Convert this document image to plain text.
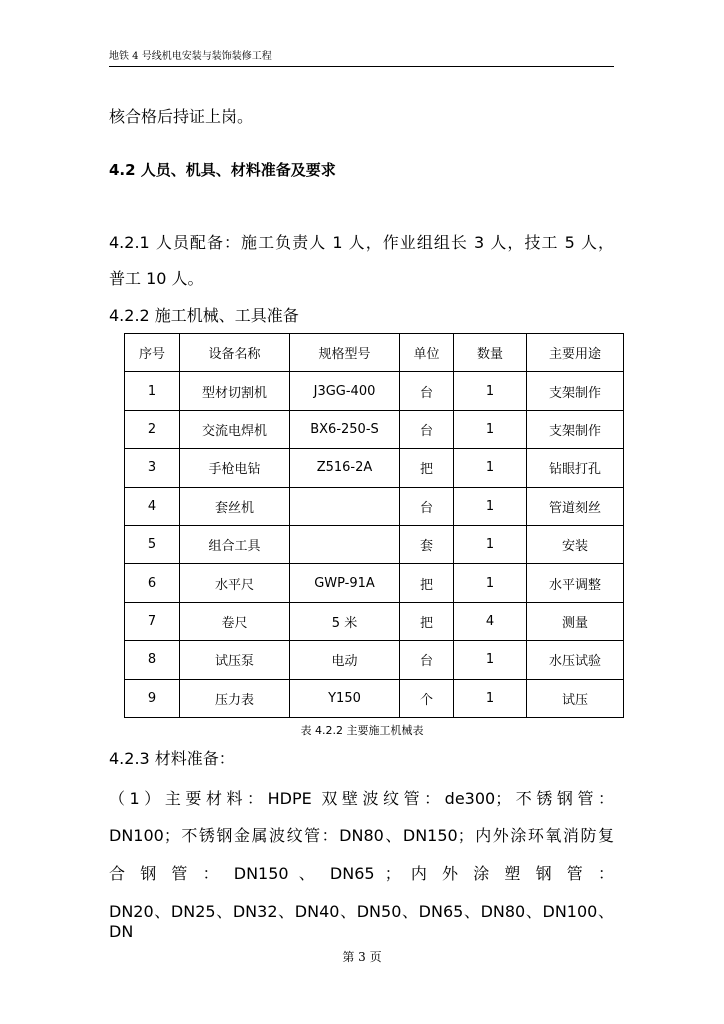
地铁 4 号线机电安装与装饰装修工程
核合格后持证上岗。
4.2 人员、机具、材料准备及要求
4.2.1 人员配备：施工负责人 1 人，作业组组长 3 人，技工 5 人，
普工 10 人。
4.2.2 施工机械、工具准备
序号	设备名称	规格型号	单位	数量	主要用途
1	型材切割机	J3GG-400	台	1	支架制作
2	交流电焊机	BX6-250-S	台	1	支架制作
3	手枪电钻	Z516-2A	把	1	钻眼打孔
4	套丝机		台	1	管道刻丝
5	组合工具		套	1	安装
6	水平尺	GWP-91A	把	1	水平调整
7	卷尺	5 米	把	4	测量
8	试压泵	电动	台	1	水压试验
9	压力表	Y150	个	1	试压
表 4.2.2 主要施工机械表
4.2.3 材料准备：
（1）主要材料：HDPE 双壁波纹管：de300；不锈钢管：
DN100；不锈钢金属波纹管：DN80、DN150；内外涂环氧消防复
合 钢 管 ： DN150 、 DN65 ； 内 外 涂 塑 钢 管 ：
DN20、DN25、DN32、DN40、DN50、DN65、DN80、DN100、DN
第 3 页
